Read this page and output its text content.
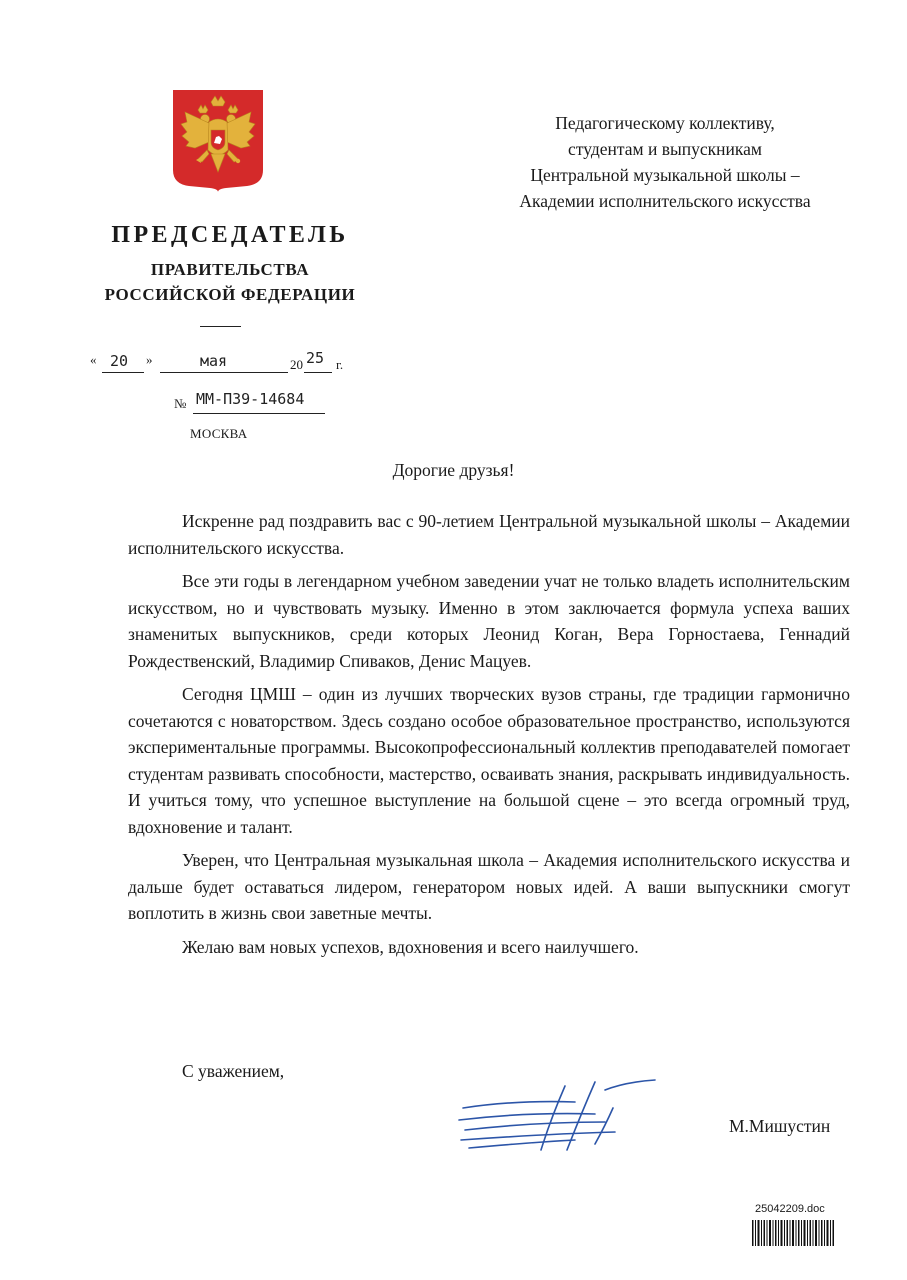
ПРЕДСЕДАТЕЛЬ
ПРАВИТЕЛЬСТВА
РОССИЙСКОЙ ФЕДЕРАЦИИ
« 20 »	мая	20 25 г.
№ ММ-П39-14684
МОСКВА
Педагогическому коллективу,
студентам и выпускникам
Центральной музыкальной школы –
Академии исполнительского искусства
Дорогие друзья!

Искренне рад поздравить вас с 90-летием Центральной музыкальной школы – Академии исполнительского искусства.

Все эти годы в легендарном учебном заведении учат не только владеть исполнительским искусством, но и чувствовать музыку. Именно в этом заключается формула успеха ваших знаменитых выпускников, среди которых Леонид Коган, Вера Горностаева, Геннадий Рождественский, Владимир Спиваков, Денис Мацуев.

Сегодня ЦМШ – один из лучших творческих вузов страны, где традиции гармонично сочетаются с новаторством. Здесь создано особое образовательное пространство, используются экспериментальные программы. Высокопрофессиональный коллектив преподавателей помогает студентам развивать способности, мастерство, осваивать знания, раскрывать индивидуальность. И учиться тому, что успешное выступление на большой сцене – это всегда огромный труд, вдохновение и талант.

Уверен, что Центральная музыкальная школа – Академия исполнительского искусства и дальше будет оставаться лидером, генератором новых идей. А ваши выпускники смогут воплотить в жизнь свои заветные мечты.

Желаю вам новых успехов, вдохновения и всего наилучшего.

С уважением,
М.Мишустин
25042209.doc
